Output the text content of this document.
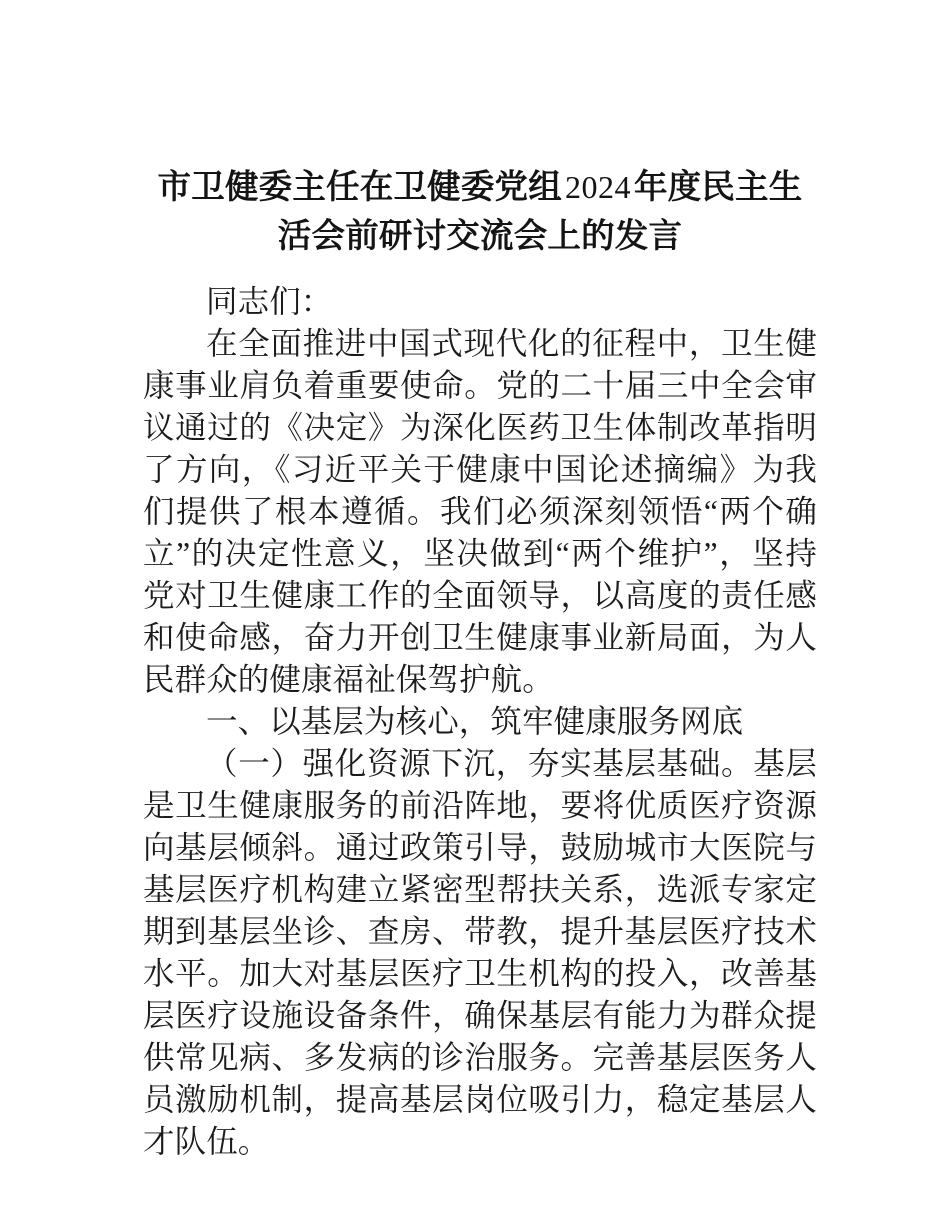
市卫健委主任在卫健委党组2024年度民主生活会前研讨交流会上的发言

同志们：

在全面推进中国式现代化的征程中，卫生健康事业肩负着重要使命。党的二十届三中全会审议通过的《决定》为深化医药卫生体制改革指明了方向，《习近平关于健康中国论述摘编》为我们提供了根本遵循。我们必须深刻领悟“两个确立”的决定性意义，坚决做到“两个维护”，坚持党对卫生健康工作的全面领导，以高度的责任感和使命感，奋力开创卫生健康事业新局面，为人民群众的健康福祉保驾护航。

一、以基层为核心，筑牢健康服务网底

（一）强化资源下沉，夯实基层基础。基层是卫生健康服务的前沿阵地，要将优质医疗资源向基层倾斜。通过政策引导，鼓励城市大医院与基层医疗机构建立紧密型帮扶关系，选派专家定期到基层坐诊、查房、带教，提升基层医疗技术水平。加大对基层医疗卫生机构的投入，改善基层医疗设施设备条件，确保基层有能力为群众提供常见病、多发病的诊治服务。完善基层医务人员激励机制，提高基层岗位吸引力，稳定基层人才队伍。
